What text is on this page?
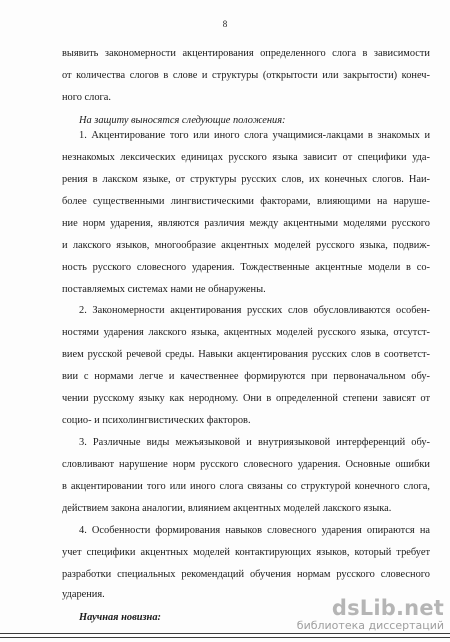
8
выявить закономерности акцентирования определенного слога в зависимости
от количества слогов в слове и структуры (открытости или закрытости) конеч-
ного слога.
На защиту выносятся следующие положения:
1. Акцентирование того или иного слога учащимися-лакцами в знакомых и
незнакомых лексических единицах русского языка зависит от специфики уда-
рения в лакском языке, от структуры русских слов, их конечных слогов. Наи-
более существенными лингвистическими факторами, влияющими на наруше-
ние норм ударения, являются различия между акцентными моделями русского
и лакского языков, многообразие акцентных моделей русского языка, подвиж-
ность русского словесного ударения. Тождественные акцентные модели в со-
поставляемых системах нами не обнаружены.
2. Закономерности акцентирования русских слов обусловливаются особен-
ностями ударения лакского языка, акцентных моделей русского языка, отсутст-
вием русской речевой среды. Навыки акцентирования русских слов в соответст-
вии с нормами легче и качественнее формируются при первоначальном обу-
чении русскому языку как неродному. Они в определенной степени зависят от
социо- и психолингвистических факторов.
3. Различные виды межъязыковой и внутриязыковой интерференций обу-
словливают нарушение норм русского словесного ударения. Основные ошибки
в акцентировании того или иного слога связаны со структурой конечного слога,
действием закона аналогии, влиянием акцентных моделей лакского языка.
4. Особенности формирования навыков словесного ударения опираются на
учет специфики акцентных моделей контактирующих языков, который требует
разработки специальных рекомендаций обучения нормам русского словесного
ударения.
Научная новизна:	dsLib.net
библиотека диссертаций
